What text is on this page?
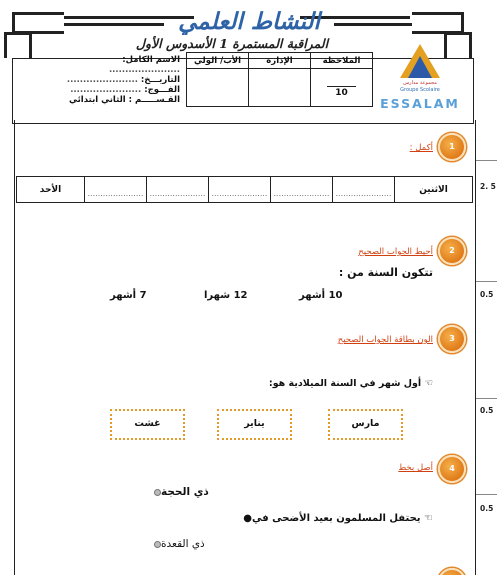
النشاط العلمي
المراقبة المستمرة 1 الأسدوس الأول
الاسم الكامل: ......................
التاريـــخ: ......................
الفـــوج: ......................
القـســـــم : الثاني ابتدائي
الأب/ الولي	الإدارة	الملاحظة
		10
مجموعة مدارس
Groupe Scolaire
ESSALAM
2. 5
0.5
0.5
0.5
1
أكمل :
الأحد	......................	......................	......................	......................	......................	الاثنين
2
أحيط الجواب الصحيح
تتكون السنة من :
10 أشهر
12 شهرا
7 أشهر
3
الون بطاقة الجواب الصحيح
☜ أول شهر في السنة الميلادية هو:
مارس
يناير
غشت
4
أصل بخط
ذي الحجة
☜ يحتفل المسلمون بعيد الأضحى في●
ذي القعدة
